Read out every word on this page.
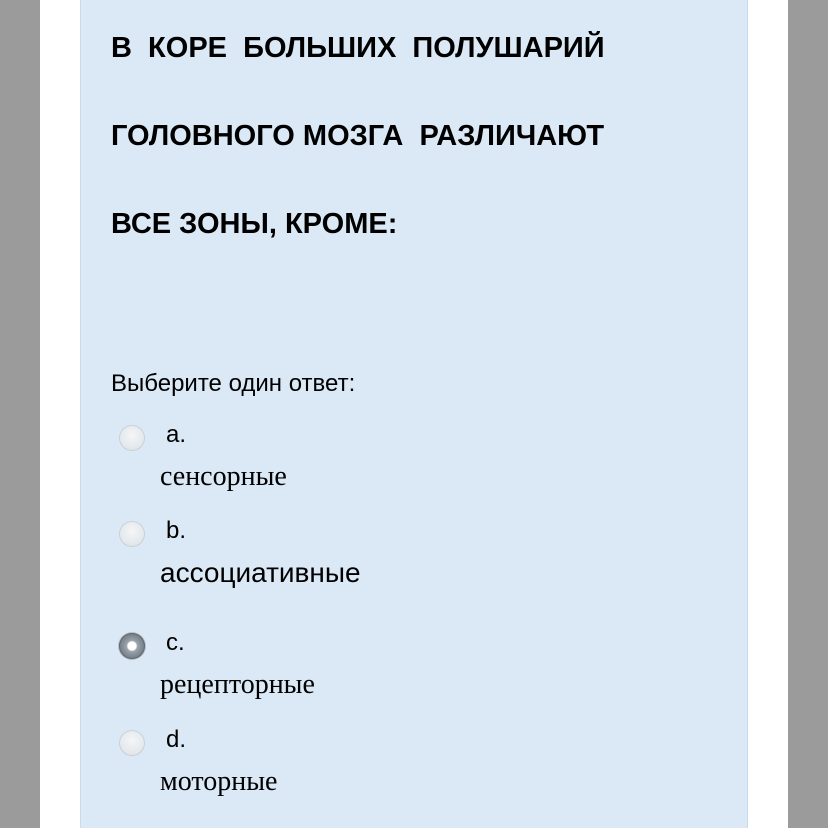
В  КОРЕ  БОЛЬШИХ  ПОЛУШАРИЙ

ГОЛОВНОГО МОЗГА  РАЗЛИЧАЮТ

ВСЕ ЗОНЫ, КРОМЕ:

Выберите один ответ:
a.
сенсорные
b.
ассоциативные
c.
рецепторные
d.
моторные
